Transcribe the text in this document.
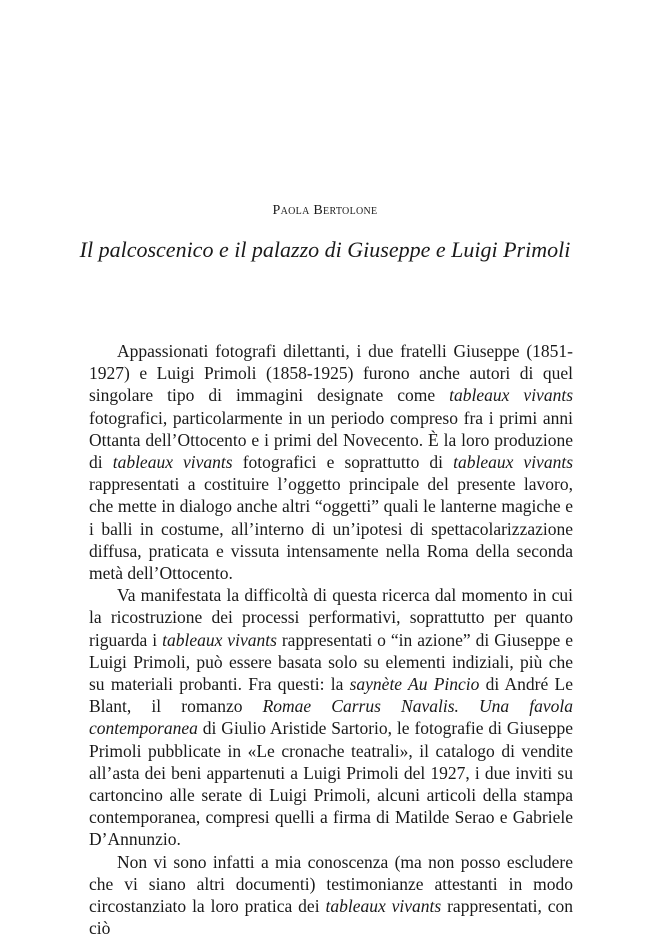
Paola Bertolone
Il palcoscenico e il palazzo di Giuseppe e Luigi Primoli

Appassionati fotografi dilettanti, i due fratelli Giuseppe (1851-1927) e Luigi Primoli (1858-1925) furono anche autori di quel singolare tipo di immagini designate come tableaux vivants fotografici, particolarmente in un periodo compreso fra i primi anni Ottanta dell’Ottocento e i primi del Novecento. È la loro produzione di tableaux vivants fotografici e soprattutto di tableaux vivants rappresentati a costituire l’oggetto principale del presente lavoro, che mette in dialogo anche altri “oggetti” quali le lanterne magiche e i balli in costume, all’interno di un’ipotesi di spettacolarizzazione diffusa, praticata e vissuta intensamente nella Roma della seconda metà dell’Ottocento.

Va manifestata la difficoltà di questa ricerca dal momento in cui la ricostruzione dei processi performativi, soprattutto per quanto riguarda i tableaux vivants rappresentati o “in azione” di Giuseppe e Luigi Primoli, può essere basata solo su elementi indiziali, più che su materiali probanti. Fra questi: la saynète Au Pincio di André Le Blant, il romanzo Romae Carrus Navalis. Una favola contemporanea di Giulio Aristide Sartorio, le fotografie di Giuseppe Primoli pubblicate in «Le cronache teatrali», il catalogo di vendite all’asta dei beni appartenuti a Luigi Primoli del 1927, i due inviti su cartoncino alle serate di Luigi Primoli, alcuni articoli della stampa contemporanea, compresi quelli a firma di Matilde Serao e Gabriele D’Annunzio.

Non vi sono infatti a mia conoscenza (ma non posso escludere che vi siano altri documenti) testimonianze attestanti in modo circostanziato la loro pratica dei tableaux vivants rappresentati, con ciò
